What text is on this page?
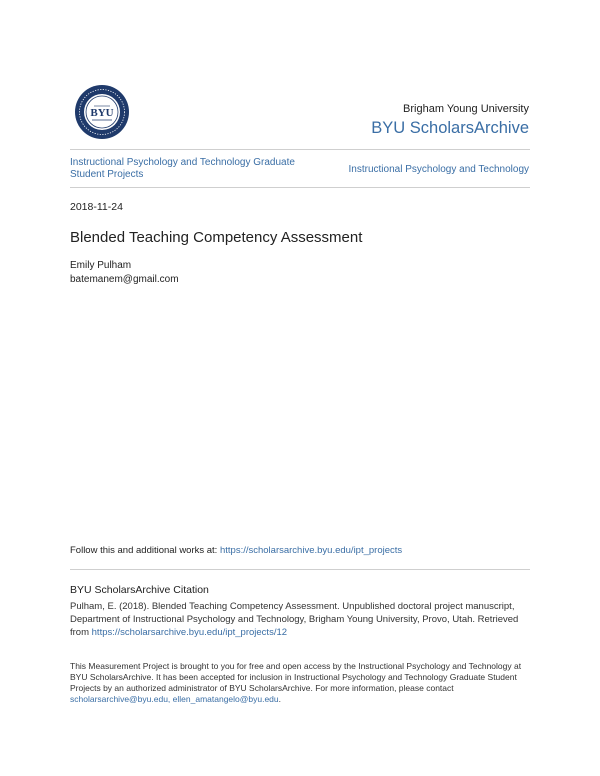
BYU	Brigham Young University
BYU ScholarsArchive
Instructional Psychology and Technology Graduate Student Projects	Instructional Psychology and Technology
2018-11-24
Blended Teaching Competency Assessment
Emily Pulham
batemanem@gmail.com
Follow this and additional works at: https://scholarsarchive.byu.edu/ipt_projects
BYU ScholarsArchive Citation
Pulham, E. (2018). Blended Teaching Competency Assessment. Unpublished doctoral project manuscript, Department of Instructional Psychology and Technology, Brigham Young University, Provo, Utah. Retrieved from https://scholarsarchive.byu.edu/ipt_projects/12
This Measurement Project is brought to you for free and open access by the Instructional Psychology and Technology at BYU ScholarsArchive. It has been accepted for inclusion in Instructional Psychology and Technology Graduate Student Projects by an authorized administrator of BYU ScholarsArchive. For more information, please contact scholarsarchive@byu.edu, ellen_amatangelo@byu.edu.
